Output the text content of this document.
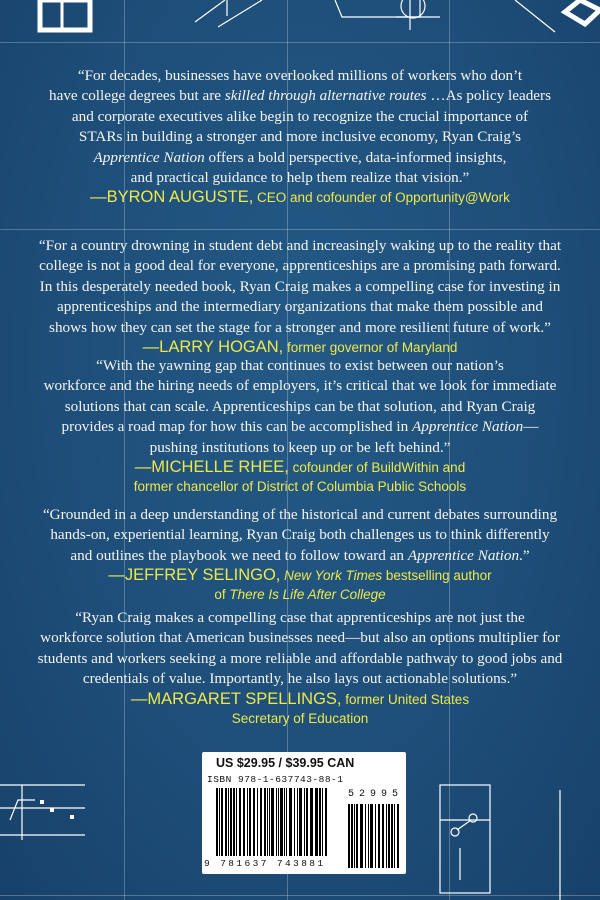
“For decades, businesses have overlooked millions of workers who don’t
have college degrees but are skilled through alternative routes …As policy leaders
and corporate executives alike begin to recognize the crucial importance of
STARs in building a stronger and more inclusive economy, Ryan Craig’s
Apprentice Nation offers a bold perspective, data-informed insights,
and practical guidance to help them realize that vision.”
—BYRON AUGUSTE, CEO and cofounder of Opportunity@Work
“For a country drowning in student debt and increasingly waking up to the reality that
college is not a good deal for everyone, apprenticeships are a promising path forward.
In this desperately needed book, Ryan Craig makes a compelling case for investing in
apprenticeships and the intermediary organizations that make them possible and
shows how they can set the stage for a stronger and more resilient future of work.”
—LARRY HOGAN, former governor of Maryland
“With the yawning gap that continues to exist between our nation’s
workforce and the hiring needs of employers, it’s critical that we look for immediate
solutions that can scale. Apprenticeships can be that solution, and Ryan Craig
provides a road map for how this can be accomplished in Apprentice Nation—
pushing institutions to keep up or be left behind.”
—MICHELLE RHEE, cofounder of BuildWithin and
former chancellor of District of Columbia Public Schools
“Grounded in a deep understanding of the historical and current debates surrounding
hands-on, experiential learning, Ryan Craig both challenges us to think differently
and outlines the playbook we need to follow toward an Apprentice Nation.”
—JEFFREY SELINGO, New York Times bestselling author
of There Is Life After College
“Ryan Craig makes a compelling case that apprenticeships are not just the
workforce solution that American businesses need—but also an options multiplier for
students and workers seeking a more reliable and affordable pathway to good jobs and
credentials of value. Importantly, he also lays out actionable solutions.”
—MARGARET SPELLINGS, former United States
Secretary of Education
US $29.95 / $39.95 CAN
ISBN 978-1-637743-88-1
9 781637 743881
52995
